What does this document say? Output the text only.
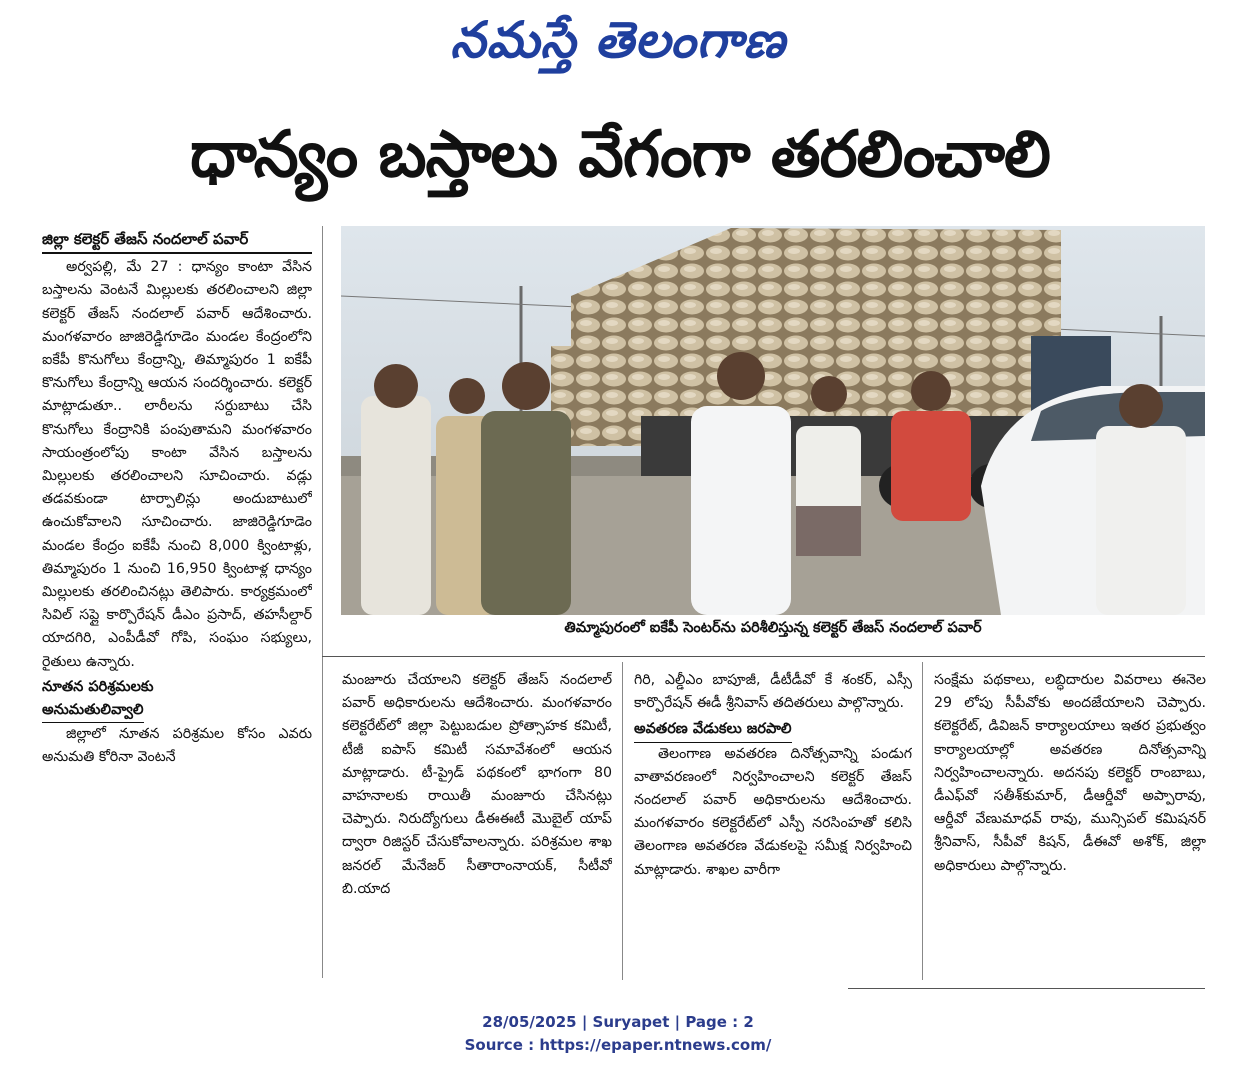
నమస్తే తెలంగాణ
ధాన్యం బస్తాలు వేగంగా తరలించాలి
జిల్లా కలెక్టర్ తేజస్ నందలాల్ పవార్

అర్వపల్లి, మే 27 : ధాన్యం కాంటా వేసిన బస్తాలను వెంటనే మిల్లులకు తరలించాలని జిల్లా కలెక్టర్ తేజస్ నందలాల్ పవార్ ఆదేశించారు. మంగళవారం జాజిరెడ్డిగూడెం మండల కేంద్రంలోని ఐకేపీ కొనుగోలు కేంద్రాన్ని, తిమ్మాపురం 1 ఐకేపీ కొనుగోలు కేంద్రాన్ని ఆయన సందర్శించారు. కలెక్టర్ మాట్లాడుతూ.. లారీలను సర్దుబాటు చేసి కొనుగోలు కేంద్రానికి పంపుతామని మంగళవారం సాయంత్రంలోపు కాంటా వేసిన బస్తాలను మిల్లులకు తరలించాలని సూచించారు. వడ్లు తడవకుండా టార్పాలిన్లు అందుబాటులో ఉంచుకోవాలని సూచించారు. జాజిరెడ్డిగూడెం మండల కేంద్రం ఐకేపీ నుంచి 8,000 క్వింటాళ్లు, తిమ్మాపురం 1 నుంచి 16,950 క్వింటాళ్ల ధాన్యం మిల్లులకు తరలించినట్లు తెలిపారు. కార్యక్రమంలో సివిల్ సప్లై కార్పొరేషన్ డీఎం ప్రసాద్, తహసీల్దార్ యాదగిరి, ఎంపీడీవో గోపి, సంఘం సభ్యులు, రైతులు ఉన్నారు.

నూతన పరిశ్రమలకు

అనుమతులివ్వాలి

జిల్లాలో నూతన పరిశ్రమల కోసం ఎవరు అనుమతి కోరినా వెంటనే

తిమ్మాపురంలో ఐకేపీ సెంటర్‌ను పరిశీలిస్తున్న కలెక్టర్ తేజస్ నందలాల్ పవార్

మంజూరు చేయాలని కలెక్టర్ తేజస్ నందలాల్ పవార్ అధికారులను ఆదేశించారు. మంగళవారం కలెక్టరేట్‌లో జిల్లా పెట్టుబడుల ప్రోత్సాహక కమిటీ, టీజీ ఐపాస్ కమిటీ సమావేశంలో ఆయన మాట్లాడారు. టీ-ప్రైడ్ పథకంలో భాగంగా 80 వాహనాలకు రాయితీ మంజూరు చేసినట్లు చెప్పారు. నిరుద్యోగులు డీఈఈటీ మొబైల్ యాప్ ద్వారా రిజిస్టర్ చేసుకోవాలన్నారు. పరిశ్రమల శాఖ జనరల్ మేనేజర్ సీతారాంనాయక్, సీటీవో బి.యాద

గిరి, ఎల్డీఎం బాపూజీ, డీటీడీవో కే శంకర్, ఎస్సీ కార్పొరేషన్ ఈడీ శ్రీనివాస్ తదితరులు పాల్గొన్నారు.

అవతరణ వేడుకలు జరపాలి

తెలంగాణ అవతరణ దినోత్సవాన్ని పండుగ వాతావరణంలో నిర్వహించాలని కలెక్టర్ తేజస్ నందలాల్ పవార్ అధికారులను ఆదేశించారు. మంగళవారం కలెక్టరేట్‌లో ఎస్పీ నరసింహతో కలిసి తెలంగాణ అవతరణ వేడుకలపై సమీక్ష నిర్వహించి మాట్లాడారు. శాఖల వారీగా

సంక్షేమ పథకాలు, లబ్ధిదారుల వివరాలు ఈనెల 29 లోపు సీపీవోకు అందజేయాలని చెప్పారు. కలెక్టరేట్, డివిజన్ కార్యాలయాలు ఇతర ప్రభుత్వం కార్యాలయాల్లో అవతరణ దినోత్సవాన్ని నిర్వహించాలన్నారు. అదనపు కలెక్టర్ రాంబాబు, డీఎఫ్‌వో సతీశ్‌కుమార్, డీఆర్డీవో అప్పారావు, ఆర్డీవో వేణుమాధవ్ రావు, మున్సిపల్ కమిషనర్ శ్రీనివాస్, సీపీవో కిషన్, డీఈవో అశోక్, జిల్లా అధికారులు పాల్గొన్నారు.

28/05/2025 | Suryapet | Page : 2
Source : https://epaper.ntnews.com/
